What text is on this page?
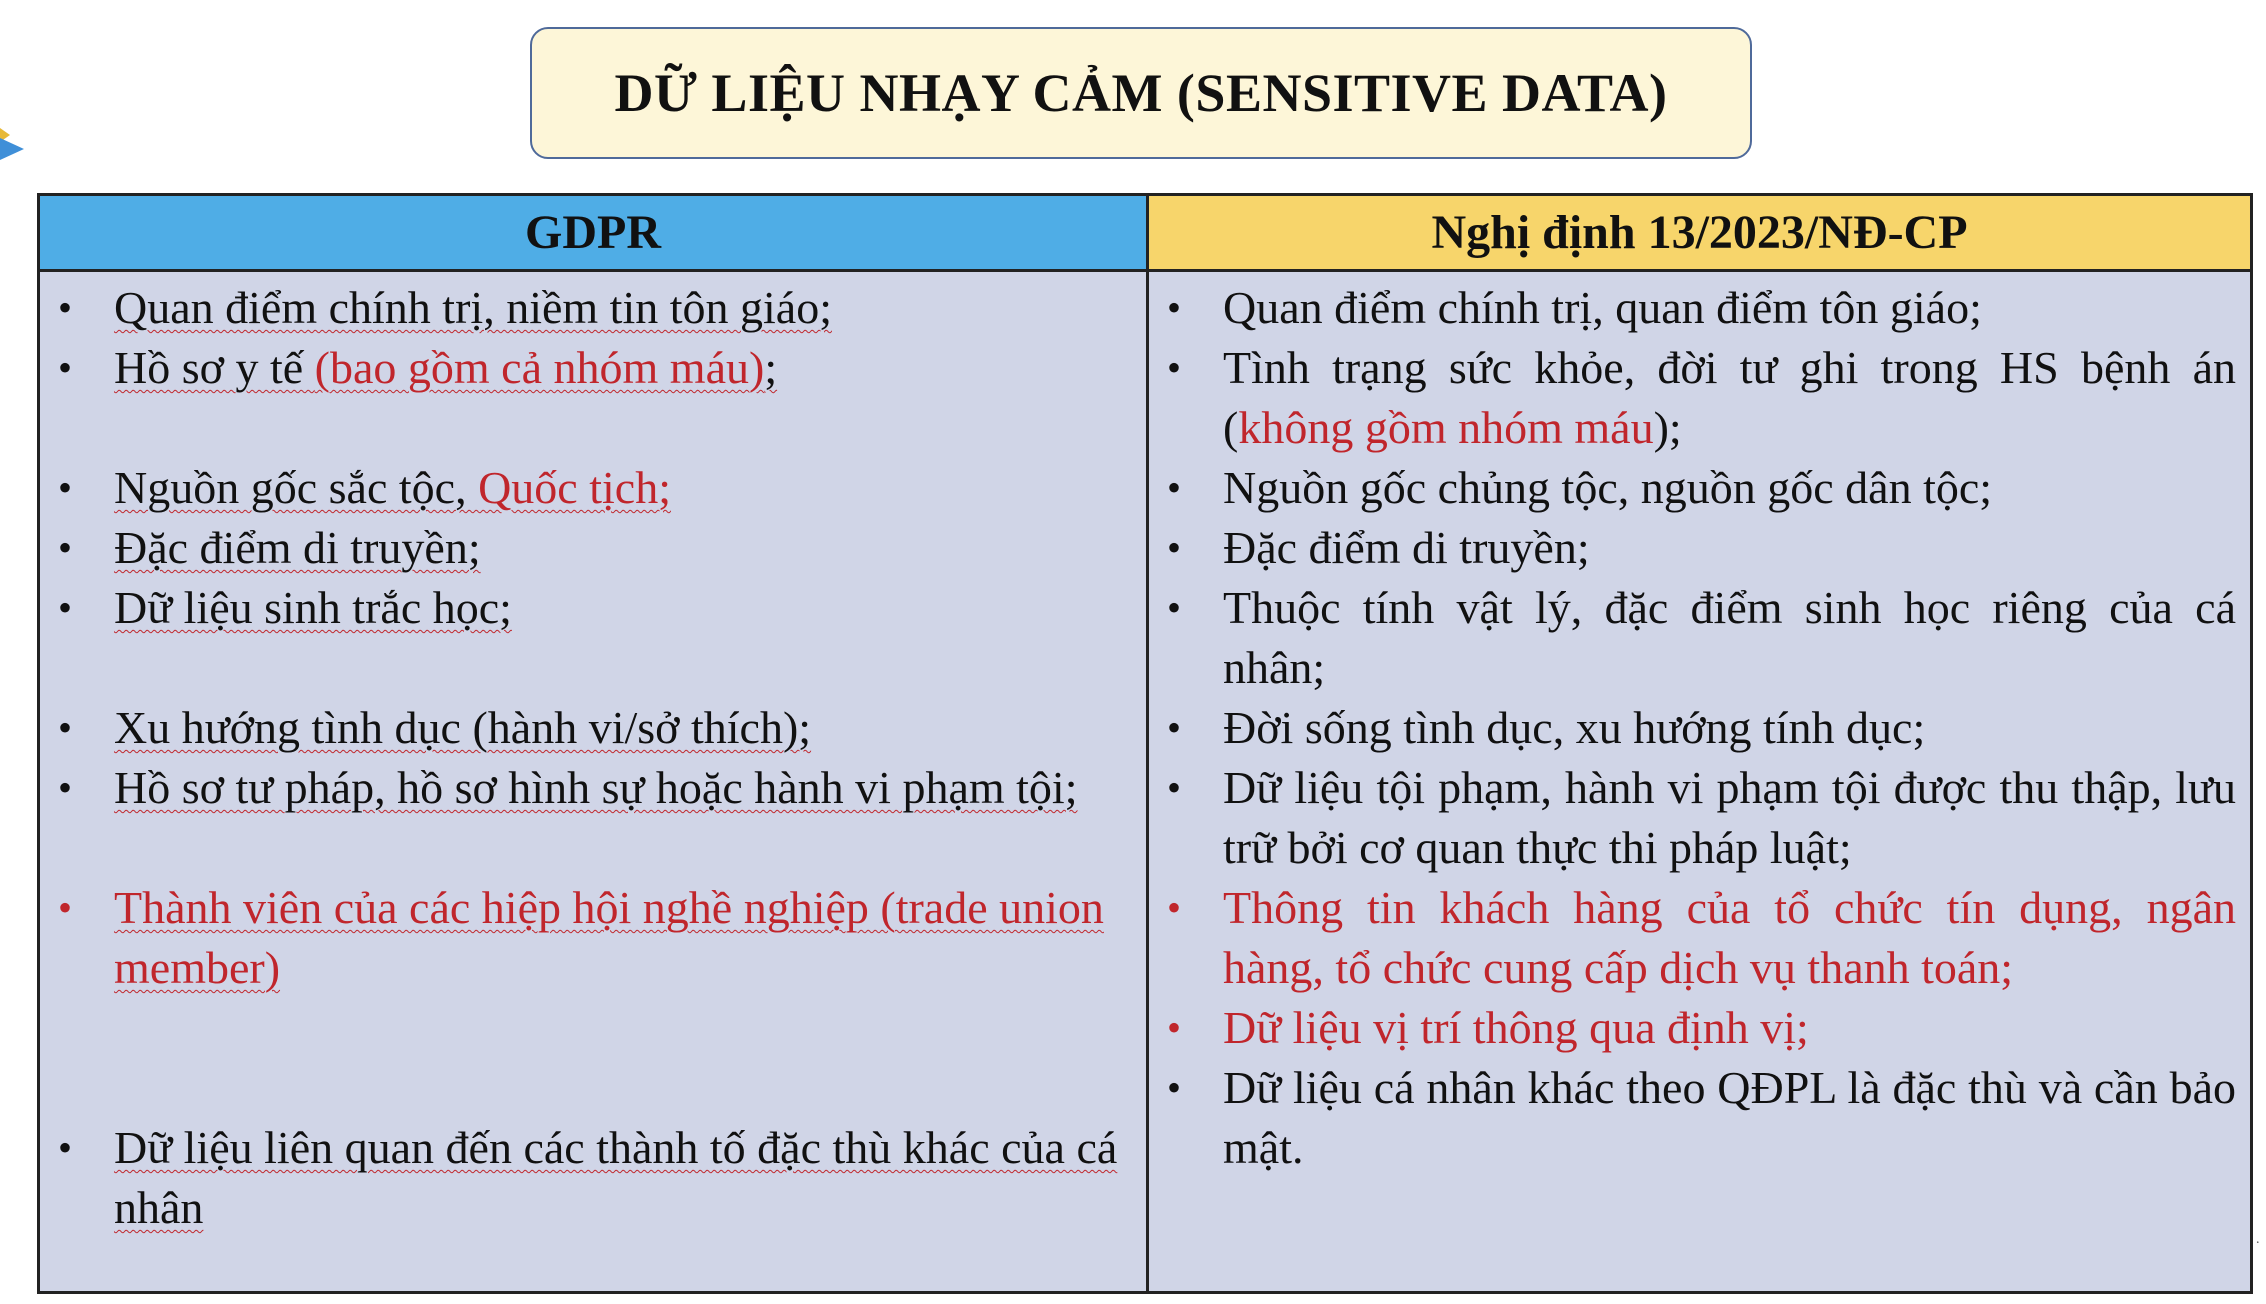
DỮ LIỆU NHẠY CẢM (SENSITIVE DATA)
GDPR
• Quan điểm chính trị, niềm tin tôn giáo;
• Hồ sơ y tế (bao gồm cả nhóm máu);
• Nguồn gốc sắc tộc, Quốc tịch;
• Đặc điểm di truyền;
• Dữ liệu sinh trắc học;
• Xu hướng tình dục (hành vi/sở thích);
• Hồ sơ tư pháp, hồ sơ hình sự hoặc hành vi phạm tội;
• Thành viên của các hiệp hội nghề nghiệp (trade union member)
• Dữ liệu liên quan đến các thành tố đặc thù khác của cá nhân
Nghị định 13/2023/NĐ-CP
• Quan điểm chính trị, quan điểm tôn giáo;
• Tình trạng sức khỏe, đời tư ghi trong HS bệnh án (không gồm nhóm máu);
• Nguồn gốc chủng tộc, nguồn gốc dân tộc;
• Đặc điểm di truyền;
• Thuộc tính vật lý, đặc điểm sinh học riêng của cá nhân;
• Đời sống tình dục, xu hướng tính dục;
• Dữ liệu tội phạm, hành vi phạm tội được thu thập, lưu trữ bởi cơ quan thực thi pháp luật;
• Thông tin khách hàng của tổ chức tín dụng, ngân hàng, tổ chức cung cấp dịch vụ thanh toán;
• Dữ liệu vị trí thông qua định vị;
• Dữ liệu cá nhân khác theo QĐPL là đặc thù và cần bảo mật.
.
